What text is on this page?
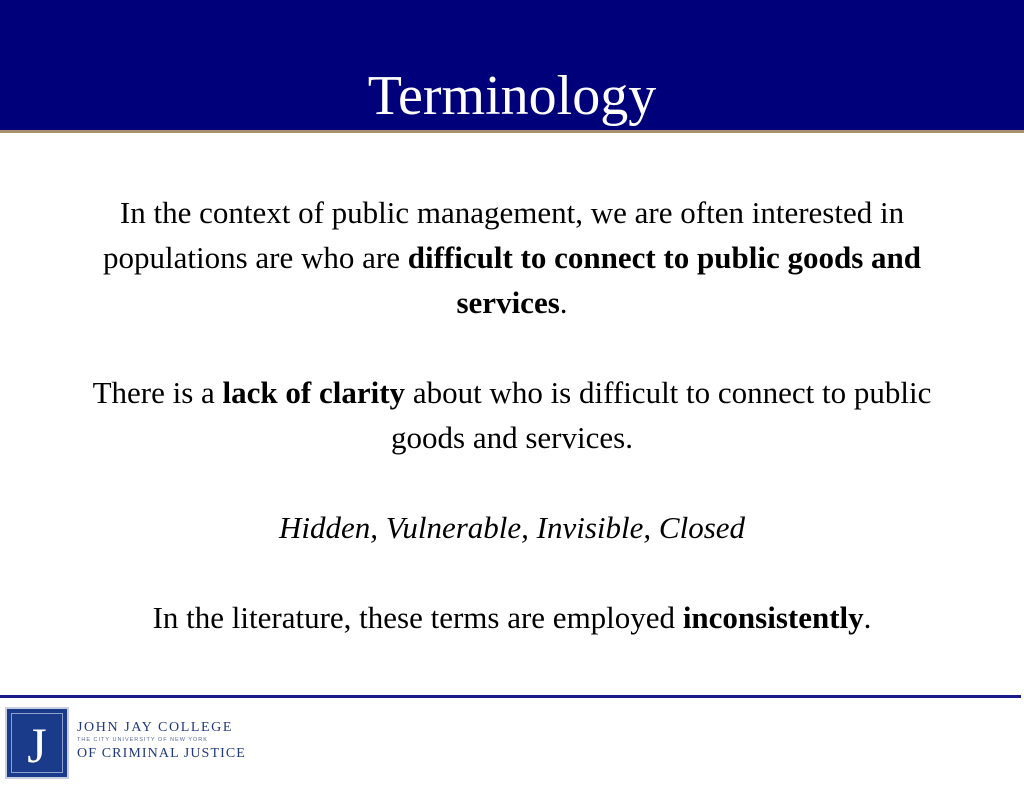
Terminology

In the context of public management, we are often interested in populations are who are difficult to connect to public goods and services.

There is a lack of clarity about who is difficult to connect to public goods and services.

Hidden, Vulnerable, Invisible, Closed

In the literature, these terms are employed inconsistently.

J	JOHN JAY COLLEGE
THE CITY UNIVERSITY OF NEW YORK
OF CRIMINAL JUSTICE
